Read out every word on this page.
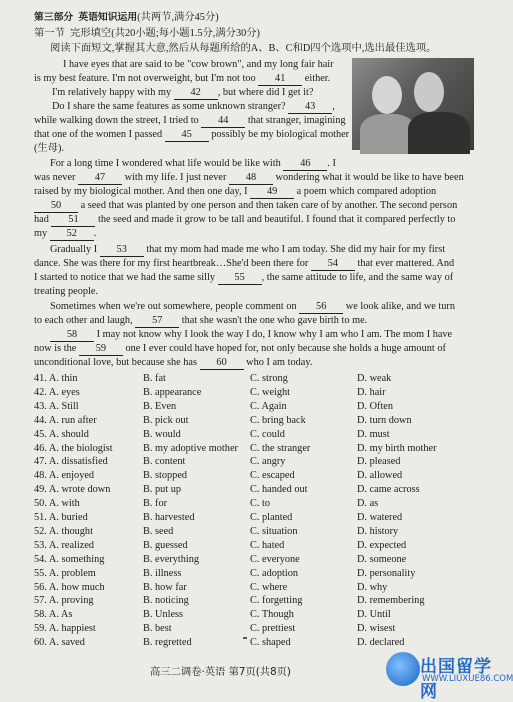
第三部分 英语知识运用(共两节,满分45分)
第一节 完形填空(共20小题;每小题1.5分,满分30分)
阅读下面短文,掌握其大意,然后从每题所给的A、B、C和D四个选项中,选出最佳选项。
I have eyes that are said to be "cow brown", and my long fair hair
is my best feature. I'm not overweight, but I'm not too 41 either.
I'm relatively happy with my 42 , but where did I get it?
Do I share the same features as some unknown stranger? 43 ,
while walking down the street, I tried to 44 that stranger, imagining
that one of the women I passed 45 possibly be my biological mother
(生母).
For a long time I wondered what life would be like with 46 . I
was never 47 with my life. I just never 48 wondering what it would be like to have been
raised by my biological mother. And then one day, I 49 a poem which compared adoption
50 a seed that was planted by one person and then taken care of by another. The second person
had 51 the seed and made it grow to be tall and beautiful. I found that it compared perfectly to
my 52 .
Gradually I 53 that my mom had made me who I am today. She did my hair for my first
dance. She was there for my first heartbreak…She'd been there for 54 that ever mattered. And
I started to notice that we had the same silly 55 , the same attitude to life, and the same way of
treating people.
Sometimes when we're out somewhere, people comment on 56 we look alike, and we turn
to each other and laugh, 57 that she wasn't the one who gave birth to me.
58 I may not know why I look the way I do, I know why I am who I am. The mom I have
now is the 59 one I ever could have hoped for, not only because she holds a huge amount of
unconditional love, but because she has 60 who I am today.
41. A. thin	B. fat	C. strong	D. weak
42. A. eyes	B. appearance	C. weight	D. hair
43. A. Still	B. Even	C. Again	D. Often
44. A. run after	B. pick out	C. bring back	D. turn down
45. A. should	B. would	C. could	D. must
46. A. the biologist	B. my adoptive mother C. the stranger	D. my birth mother
47. A. dissatisfied	B. content	C. angry	D. pleased
48. A. enjoyed	B. stopped	C. escaped	D. allowed
49. A. wrote down	B. put up	C. handed out	D. came across
50. A. with	B. for	C. to	D. as
51. A. buried	B. harvested	C. planted	D. watered
52. A. thought	B. seed	C. situation	D. history
53. A. realized	B. guessed	C. hated	D. expected
54. A. something	B. everything	C. everyone	D. someone
55. A. problem	B. illness	C. adoption	D. personality
56. A. how much	B. how far	C. where	D. why
57. A. proving	B. noticing	C. forgetting	D. remembering
58. A. As	B. Unless	C. Though	D. Until
59. A. happiest	B. best	C. prettiest	D. wisest
60. A. saved	B. regretted	C. shaped	D. declared
高三二调卷·英语 第7页(共8页)	出国留学网
WWW.LIUXUE86.COM
